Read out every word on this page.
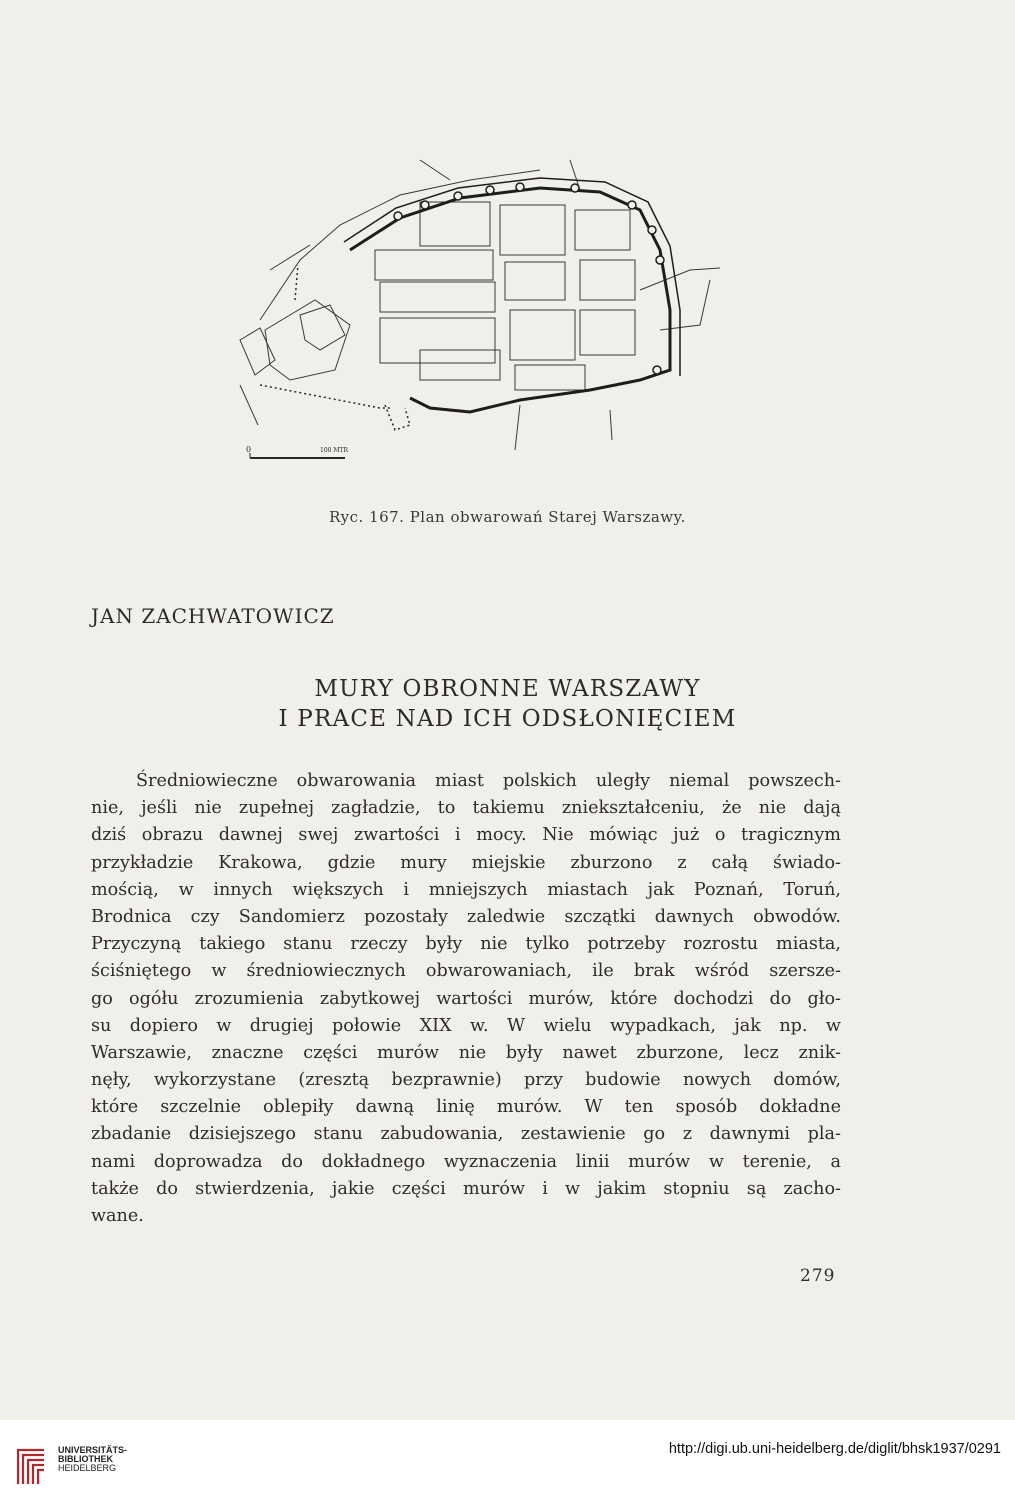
0	100 MTR
Ryc. 167. Plan obwarowań Starej Warszawy.
JAN ZACHWATOWICZ
MURY OBRONNE WARSZAWY
I PRACE NAD ICH ODSŁONIĘCIEM
Średniowieczne obwarowania miast polskich uległy niemal powszech-
nie, jeśli nie zupełnej zagładzie, to takiemu zniekształceniu, że nie dają
dziś obrazu dawnej swej zwartości i mocy. Nie mówiąc już o tragicznym
przykładzie Krakowa, gdzie mury miejskie zburzono z całą świado-
mością, w innych większych i mniejszych miastach jak Poznań, Toruń,
Brodnica czy Sandomierz pozostały zaledwie szczątki dawnych obwodów.
Przyczyną takiego stanu rzeczy były nie tylko potrzeby rozrostu miasta,
ściśniętego w średniowiecznych obwarowaniach, ile brak wśród szersze-
go ogółu zrozumienia zabytkowej wartości murów, które dochodzi do gło-
su dopiero w drugiej połowie XIX w. W wielu wypadkach, jak np. w
Warszawie, znaczne części murów nie były nawet zburzone, lecz znik-
nęły, wykorzystane (zresztą bezprawnie) przy budowie nowych domów,
które szczelnie oblepiły dawną linię murów. W ten sposób dokładne
zbadanie dzisiejszego stanu zabudowania, zestawienie go z dawnymi pla-
nami doprowadza do dokładnego wyznaczenia linii murów w terenie, a
także do stwierdzenia, jakie części murów i w jakim stopniu są zacho-
wane.
279
UNIVERSITÄTS-
BIBLIOTHEK
HEIDELBERG
http://digi.ub.uni-heidelberg.de/diglit/bhsk1937/0291
